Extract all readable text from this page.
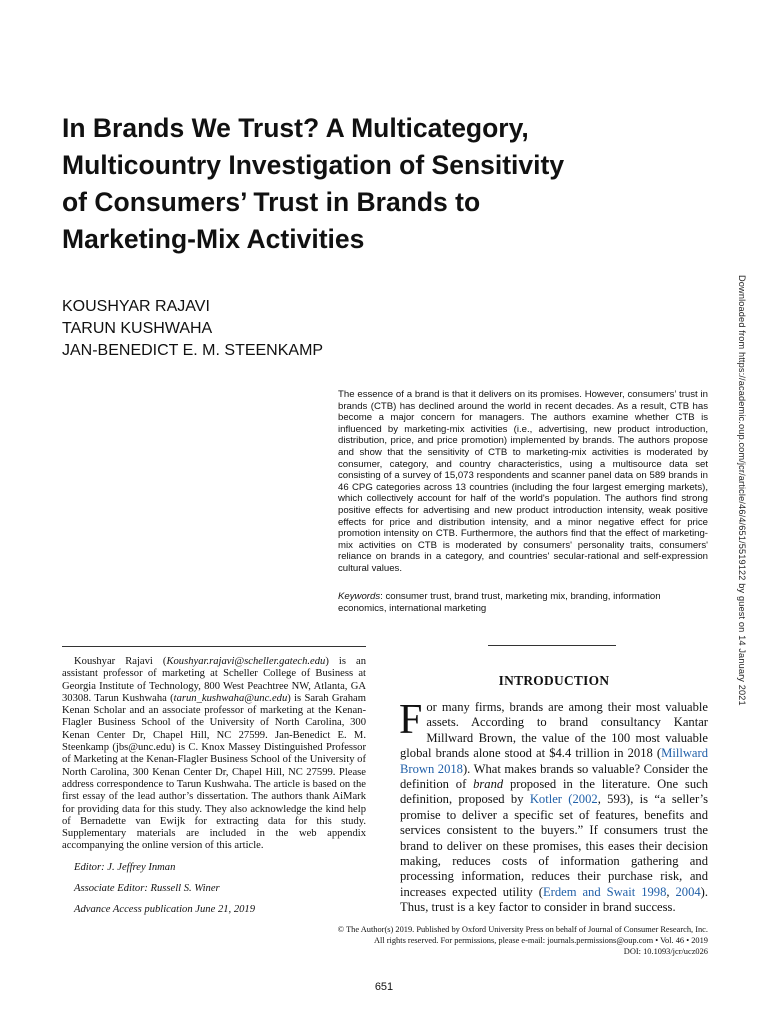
In Brands We Trust? A Multicategory,
Multicountry Investigation of Sensitivity
of Consumers’ Trust in Brands to
Marketing-Mix Activities
KOUSHYAR RAJAVI
TARUN KUSHWAHA
JAN-BENEDICT E. M. STEENKAMP
The essence of a brand is that it delivers on its promises. However, consumers’ trust in brands (CTB) has declined around the world in recent decades. As a result, CTB has become a major concern for managers. The authors examine whether CTB is influenced by marketing-mix activities (i.e., advertising, new product introduction, distribution, price, and price promotion) implemented by brands. The authors propose and show that the sensitivity of CTB to marketing-mix activities is moderated by consumer, category, and country characteristics, using a multisource data set consisting of a survey of 15,073 respondents and scanner panel data on 589 brands in 46 CPG categories across 13 countries (including the four largest emerging markets), which collectively account for half of the world's population. The authors find strong positive effects for advertising and new product introduction intensity, weak positive effects for price and distribution intensity, and a minor negative effect for price promotion intensity on CTB. Furthermore, the authors find that the effect of marketing-mix activities on CTB is moderated by consumers' personality traits, consumers' reliance on brands in a category, and countries' secular-rational and self-expression cultural values.
Keywords: consumer trust, brand trust, marketing mix, branding, information economics, international marketing

Koushyar Rajavi (Koushyar.rajavi@scheller.gatech.edu) is an assistant professor of marketing at Scheller College of Business at Georgia Institute of Technology, 800 West Peachtree NW, Atlanta, GA 30308. Tarun Kushwaha (tarun_kushwaha@unc.edu) is Sarah Graham Kenan Scholar and an associate professor of marketing at the Kenan-Flagler Business School of the University of North Carolina, 300 Kenan Center Dr, Chapel Hill, NC 27599. Jan-Benedict E. M. Steenkamp (jbs@unc.edu) is C. Knox Massey Distinguished Professor of Marketing at the Kenan-Flagler Business School of the University of North Carolina, 300 Kenan Center Dr, Chapel Hill, NC 27599. Please address correspondence to Tarun Kushwaha. The article is based on the first essay of the lead author’s dissertation. The authors thank AiMark for providing data for this study. They also acknowledge the kind help of Bernadette van Ewijk for extracting data for this study. Supplementary materials are included in the web appendix accompanying the online version of this article.

Editor: J. Jeffrey Inman

Associate Editor: Russell S. Winer

Advance Access publication June 21, 2019

INTRODUCTION
For many firms, brands are among their most valuable assets. According to brand consultancy Kantar Millward Brown, the value of the 100 most valuable global brands alone stood at $4.4 trillion in 2018 (Millward Brown 2018). What makes brands so valuable? Consider the definition of brand proposed in the literature. One such definition, proposed by Kotler (2002, 593), is “a seller’s promise to deliver a specific set of features, benefits and services consistent to the buyers.” If consumers trust the brand to deliver on these promises, this eases their decision making, reduces costs of information gathering and processing information, reduces their purchase risk, and increases expected utility (Erdem and Swait 1998, 2004). Thus, trust is a key factor to consider in brand success.
© The Author(s) 2019. Published by Oxford University Press on behalf of Journal of Consumer Research, Inc.
All rights reserved. For permissions, please e-mail: journals.permissions@oup.com • Vol. 46 • 2019
DOI: 10.1093/jcr/ucz026
651
Downloaded from https://academic.oup.com/jcr/article/46/4/651/5519122 by guest on 14 January 2021
